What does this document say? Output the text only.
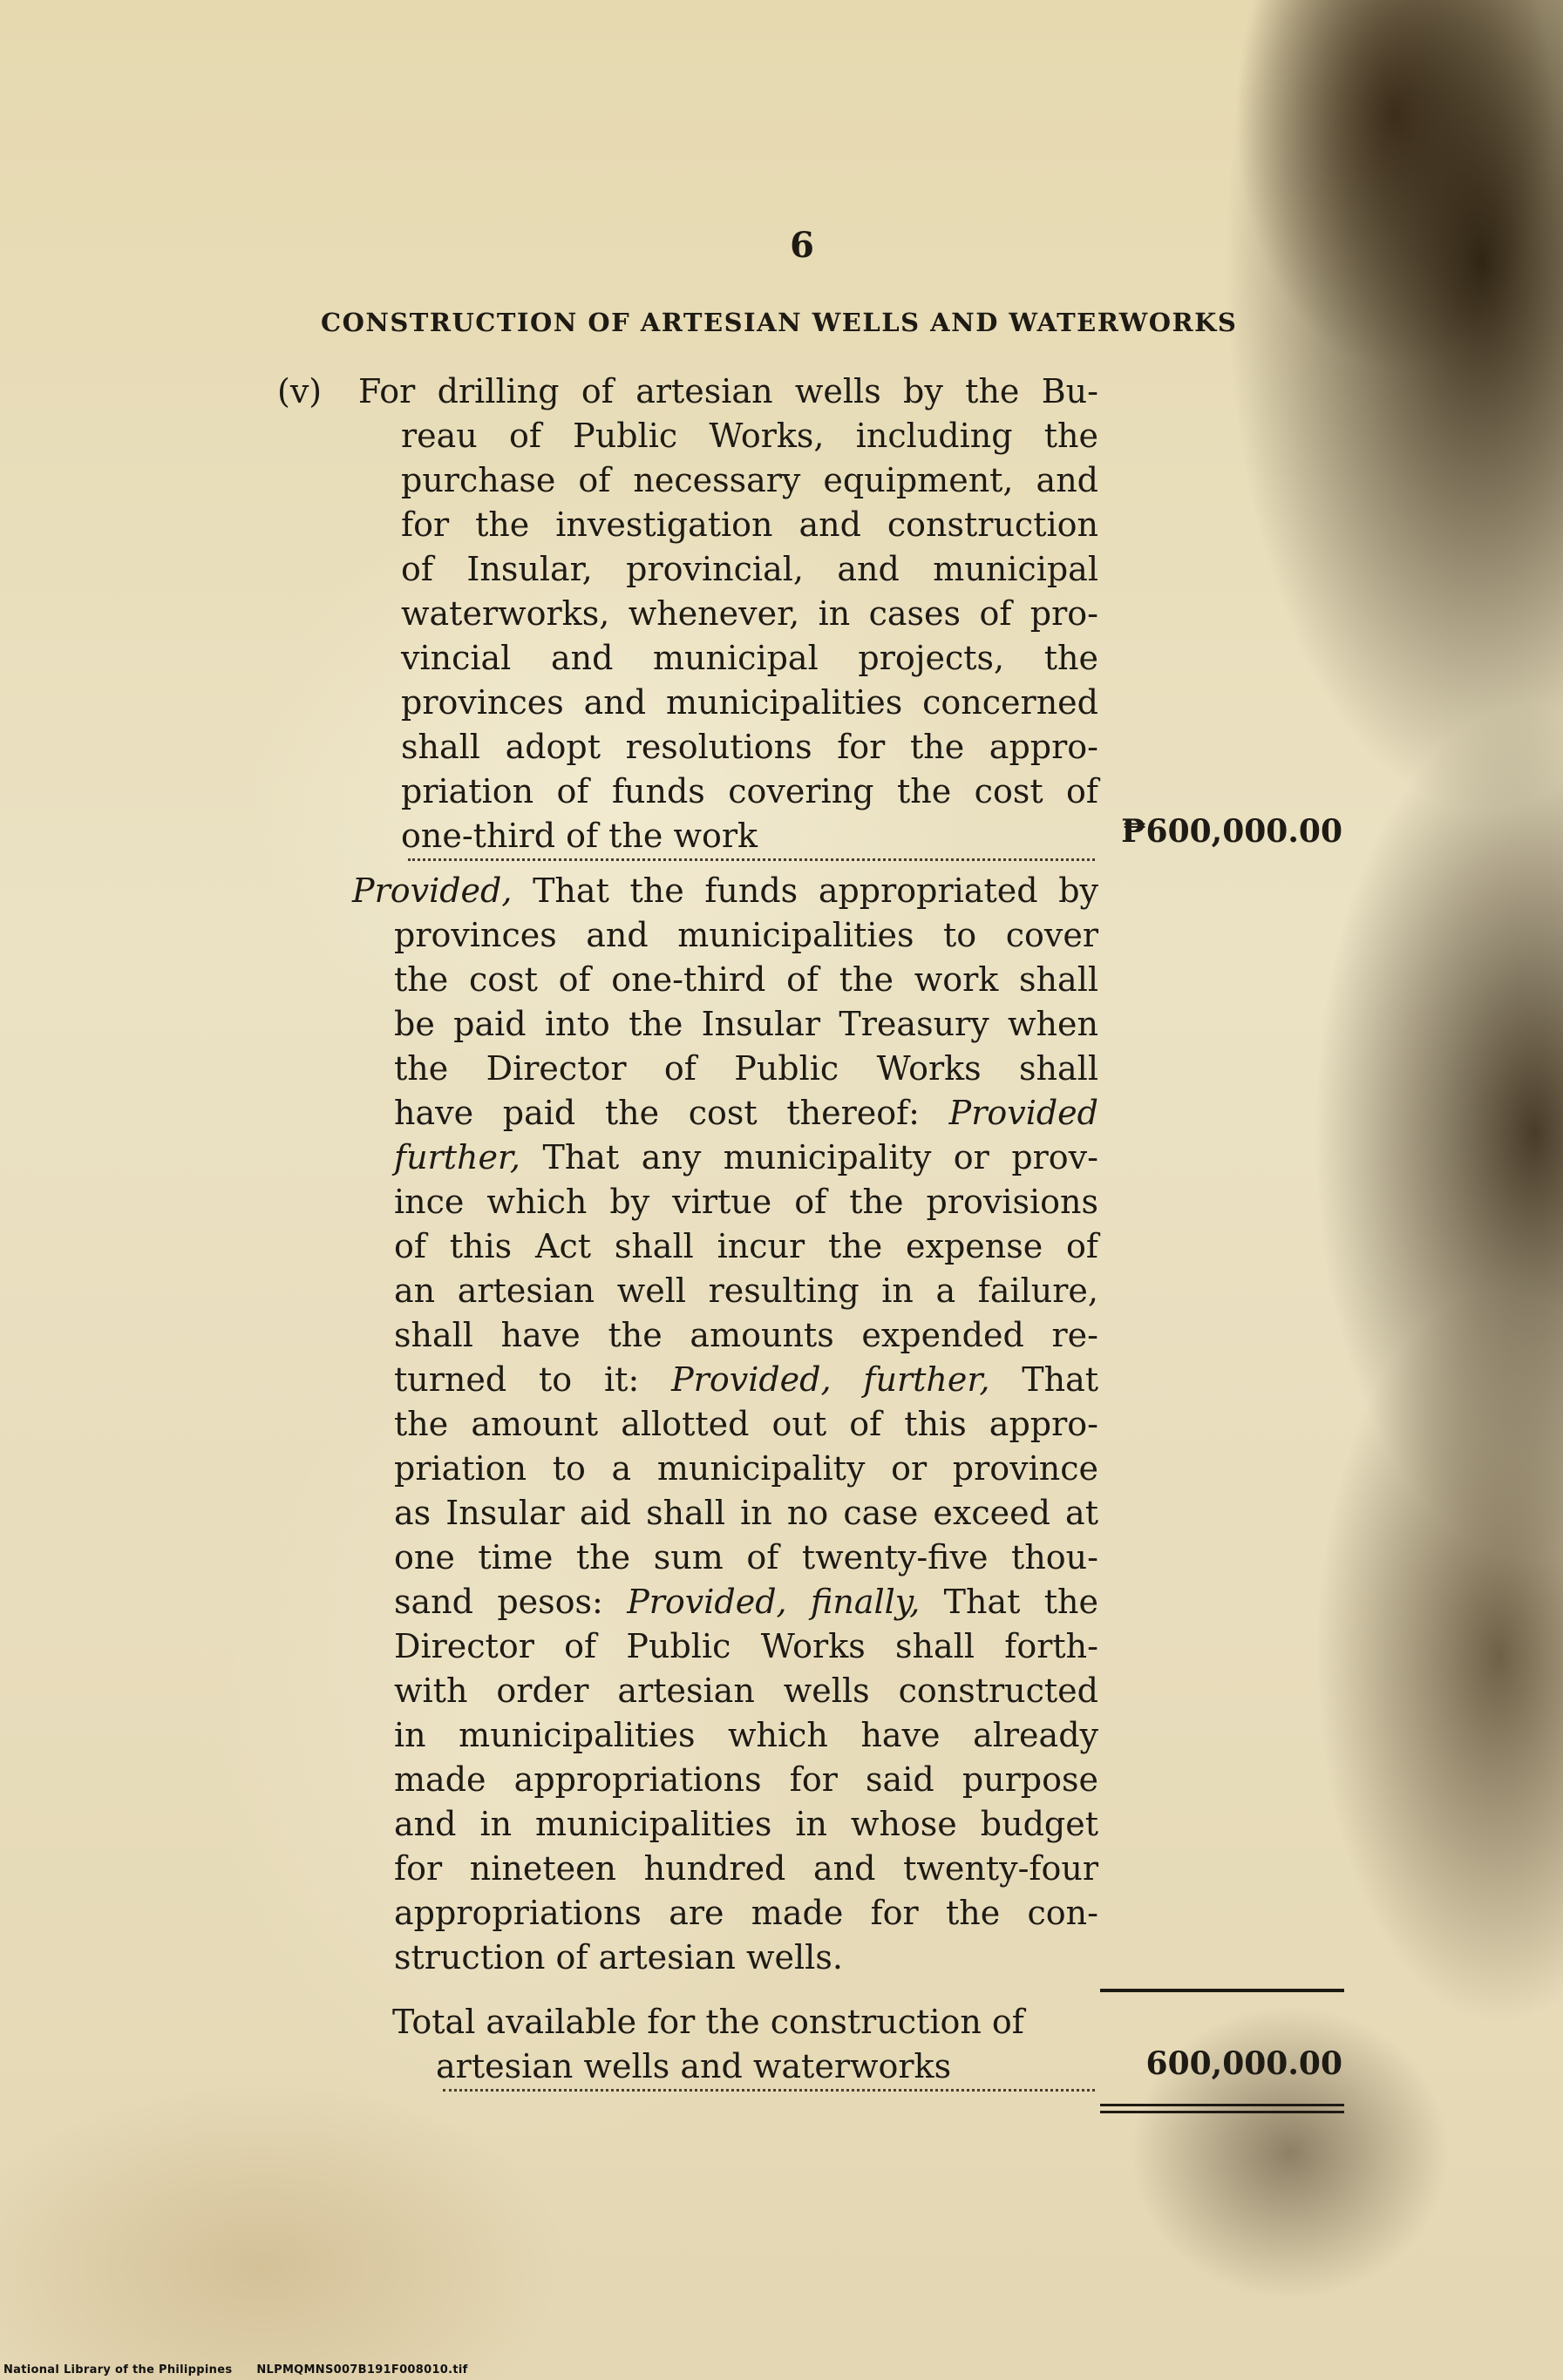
6
CONSTRUCTION OF ARTESIAN WELLS AND WATERWORKS
(v) For drilling of artesian wells by the Bu-
reau of Public Works, including the
purchase of necessary equipment, and
for the investigation and construction
of Insular, provincial, and municipal
waterworks, whenever, in cases of pro-
vincial and municipal projects, the
provinces and municipalities concerned
shall adopt resolutions for the appro-
priation of funds covering the cost of
one-third of the work	₱600,000.00
Provided, That the funds appropriated by
provinces and municipalities to cover
the cost of one-third of the work shall
be paid into the Insular Treasury when
the Director of Public Works shall
have paid the cost thereof: Provided
further, That any municipality or prov-
ince which by virtue of the provisions
of this Act shall incur the expense of
an artesian well resulting in a failure,
shall have the amounts expended re-
turned to it: Provided, further, That
the amount allotted out of this appro-
priation to a municipality or province
as Insular aid shall in no case exceed at
one time the sum of twenty-five thou-
sand pesos: Provided, finally, That the
Director of Public Works shall forth-
with order artesian wells constructed
in municipalities which have already
made appropriations for said purpose
and in municipalities in whose budget
for nineteen hundred and twenty-four
appropriations are made for the con-
struction of artesian wells.
Total available for the construction of
artesian wells and waterworks	600,000.00
National Library of the Philippines NLPMQMNS007B191F008010.tif
